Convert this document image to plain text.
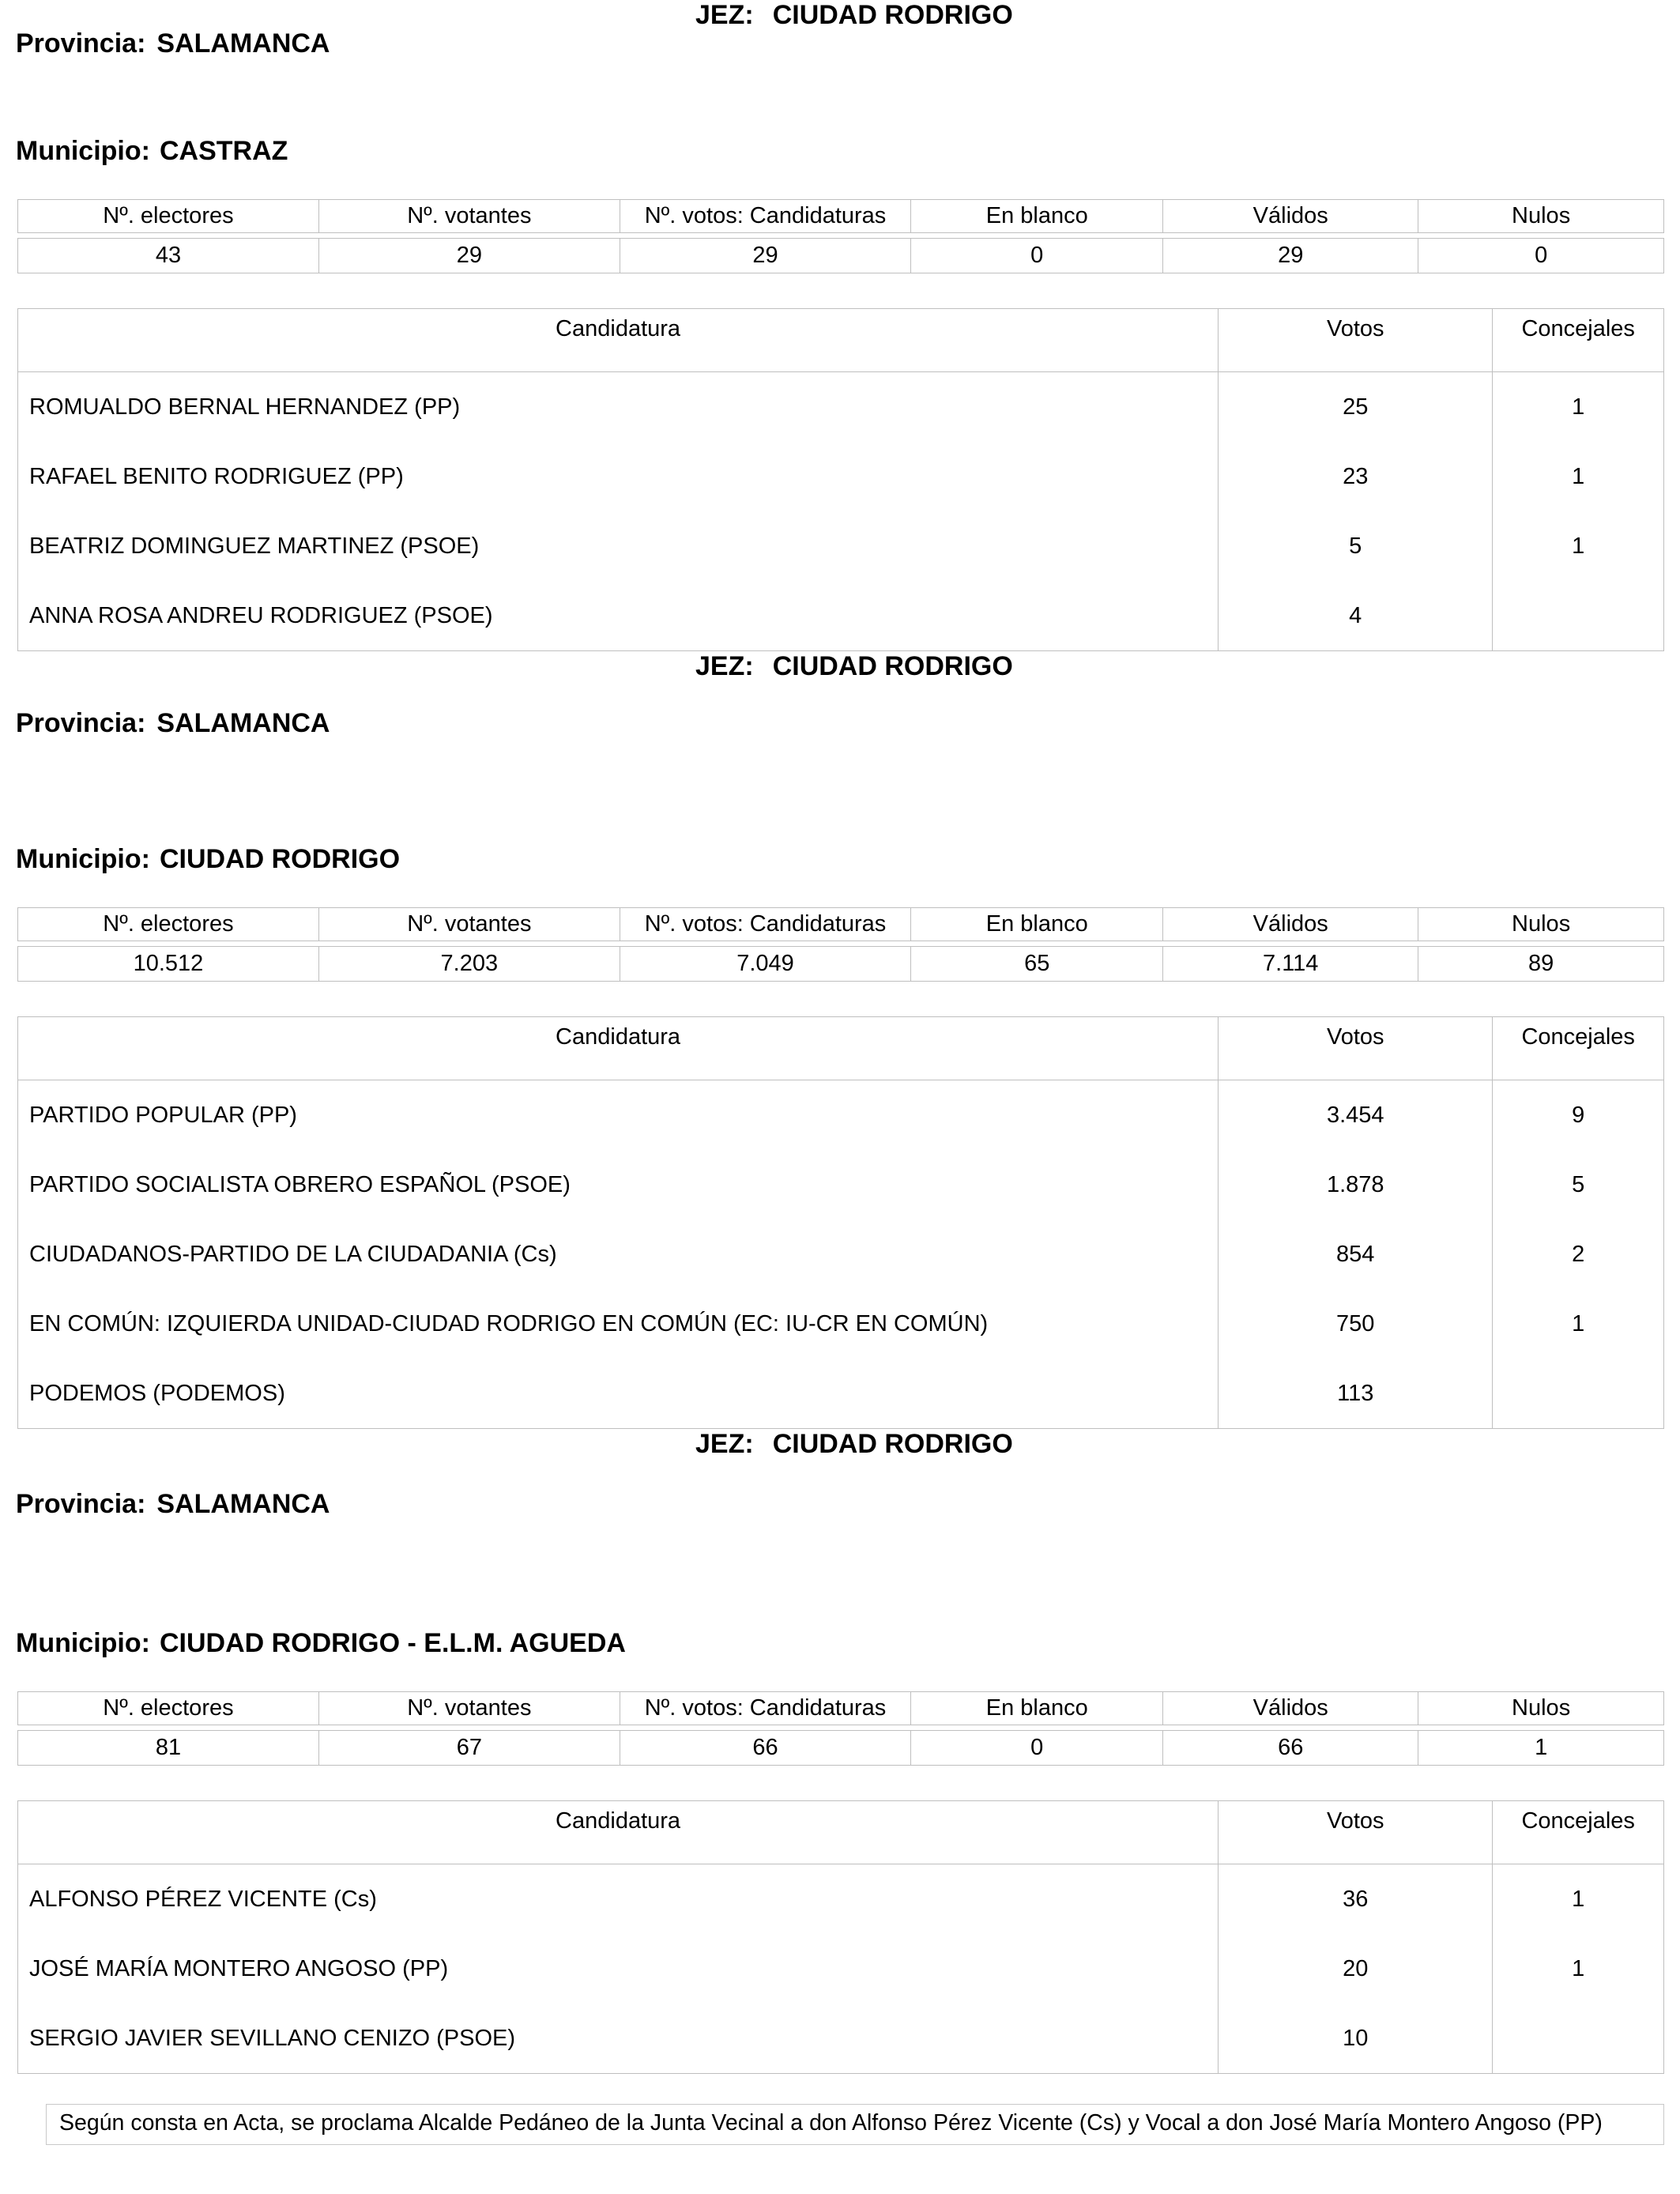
Provincia: SALAMANCA
JEZ: CIUDAD RODRIGO
Municipio: CASTRAZ
Nº. electores	Nº. votantes	Nº. votos: Candidaturas	En blanco	Válidos	Nulos
43	29	29	0	29	0
Candidatura	Votos	Concejales
ROMUALDO BERNAL HERNANDEZ (PP)	25	1
RAFAEL BENITO RODRIGUEZ (PP)	23	1
BEATRIZ DOMINGUEZ MARTINEZ (PSOE)	5	1
ANNA ROSA ANDREU RODRIGUEZ (PSOE)	4	
Provincia: SALAMANCA
JEZ: CIUDAD RODRIGO
Municipio: CIUDAD RODRIGO
Nº. electores	Nº. votantes	Nº. votos: Candidaturas	En blanco	Válidos	Nulos
10.512	7.203	7.049	65	7.114	89
Candidatura	Votos	Concejales
PARTIDO POPULAR (PP)	3.454	9
PARTIDO SOCIALISTA OBRERO ESPAÑOL (PSOE)	1.878	5
CIUDADANOS-PARTIDO DE LA CIUDADANIA (Cs)	854	2
EN COMÚN: IZQUIERDA UNIDAD-CIUDAD RODRIGO EN COMÚN (EC: IU-CR EN COMÚN)	750	1
PODEMOS (PODEMOS)	113	
Provincia: SALAMANCA
JEZ: CIUDAD RODRIGO
Municipio: CIUDAD RODRIGO - E.L.M. AGUEDA
Nº. electores	Nº. votantes	Nº. votos: Candidaturas	En blanco	Válidos	Nulos
81	67	66	0	66	1
Candidatura	Votos	Concejales
ALFONSO PÉREZ VICENTE (Cs)	36	1
JOSÉ MARÍA MONTERO ANGOSO (PP)	20	1
SERGIO JAVIER SEVILLANO CENIZO (PSOE)	10	
Según consta en Acta, se proclama Alcalde Pedáneo de la Junta Vecinal a don Alfonso Pérez Vicente (Cs) y Vocal a don José María Montero Angoso (PP)
